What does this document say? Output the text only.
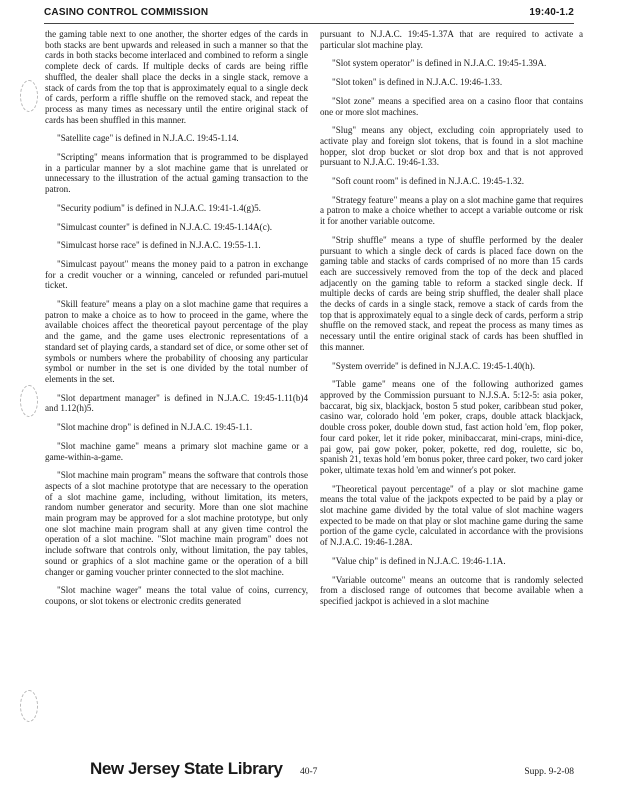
CASINO CONTROL COMMISSION	19:40-1.2

the gaming table next to one another, the shorter edges of the cards in both stacks are bent upwards and released in such a manner so that the cards in both stacks become interlaced and combined to reform a single complete deck of cards. If multiple decks of cards are being riffle shuffled, the dealer shall place the decks in a single stack, remove a stack of cards from the top that is approximately equal to a single deck of cards, perform a riffle shuffle on the removed stack, and repeat the process as many times as necessary until the entire original stack of cards has been shuffled in this manner.

"Satellite cage" is defined in N.J.A.C. 19:45-1.14.

"Scripting" means information that is programmed to be displayed in a particular manner by a slot machine game that is unrelated or unnecessary to the illustration of the actual gaming transaction to the patron.

"Security podium" is defined in N.J.A.C. 19:41-1.4(g)5.

"Simulcast counter" is defined in N.J.A.C. 19:45-1.14A(c).

"Simulcast horse race" is defined in N.J.A.C. 19:55-1.1.

"Simulcast payout" means the money paid to a patron in exchange for a credit voucher or a winning, canceled or refunded pari-mutuel ticket.

"Skill feature" means a play on a slot machine game that requires a patron to make a choice as to how to proceed in the game, where the available choices affect the theoretical payout percentage of the play and the game, and the game uses electronic representations of a standard set of playing cards, a standard set of dice, or some other set of symbols or numbers where the probability of choosing any particular symbol or number in the set is one divided by the total number of elements in the set.

"Slot department manager" is defined in N.J.A.C. 19:45-1.11(b)4 and 1.12(h)5.

"Slot machine drop" is defined in N.J.A.C. 19:45-1.1.

"Slot machine game" means a primary slot machine game or a game-within-a-game.

"Slot machine main program" means the software that controls those aspects of a slot machine prototype that are necessary to the operation of a slot machine game, including, without limitation, its meters, random number generator and security. More than one slot machine main program may be approved for a slot machine prototype, but only one slot machine main program shall at any given time control the operation of a slot machine. "Slot machine main program" does not include software that controls only, without limitation, the pay tables, sound or graphics of a slot machine game or the operation of a bill changer or gaming voucher printer connected to the slot machine.

"Slot machine wager" means the total value of coins, currency, coupons, or slot tokens or electronic credits generated

pursuant to N.J.A.C. 19:45-1.37A that are required to activate a particular slot machine play.

"Slot system operator" is defined in N.J.A.C. 19:45-1.39A.

"Slot token" is defined in N.J.A.C. 19:46-1.33.

"Slot zone" means a specified area on a casino floor that contains one or more slot machines.

"Slug" means any object, excluding coin appropriately used to activate play and foreign slot tokens, that is found in a slot machine hopper, slot drop bucket or slot drop box and that is not approved pursuant to N.J.A.C. 19:46-1.33.

"Soft count room" is defined in N.J.A.C. 19:45-1.32.

"Strategy feature" means a play on a slot machine game that requires a patron to make a choice whether to accept a variable outcome or risk it for another variable outcome.

"Strip shuffle" means a type of shuffle performed by the dealer pursuant to which a single deck of cards is placed face down on the gaming table and stacks of cards comprised of no more than 15 cards each are successively removed from the top of the deck and placed adjacently on the gaming table to reform a stacked single deck. If multiple decks of cards are being strip shuffled, the dealer shall place the decks of cards in a single stack, remove a stack of cards from the top that is approximately equal to a single deck of cards, perform a strip shuffle on the removed stack, and repeat the process as many times as necessary until the entire original stack of cards has been shuffled in this manner.

"System override" is defined in N.J.A.C. 19:45-1.40(h).

"Table game" means one of the following authorized games approved by the Commission pursuant to N.J.S.A. 5:12-5: asia poker, baccarat, big six, blackjack, boston 5 stud poker, caribbean stud poker, casino war, colorado hold 'em poker, craps, double attack blackjack, double cross poker, double down stud, fast action hold 'em, flop poker, four card poker, let it ride poker, minibaccarat, mini-craps, mini-dice, pai gow, pai gow poker, poker, pokette, red dog, roulette, sic bo, spanish 21, texas hold 'em bonus poker, three card poker, two card joker poker, ultimate texas hold 'em and winner's pot poker.

"Theoretical payout percentage" of a play or slot machine game means the total value of the jackpots expected to be paid by a play or slot machine game divided by the total value of slot machine wagers expected to be made on that play or slot machine game during the same portion of the game cycle, calculated in accordance with the provisions of N.J.A.C. 19:46-1.28A.

"Value chip" is defined in N.J.A.C. 19:46-1.1A.

"Variable outcome" means an outcome that is randomly selected from a disclosed range of outcomes that become available when a specified jackpot is achieved in a slot machine

New Jersey State Library 40-7	Supp. 9-2-08
